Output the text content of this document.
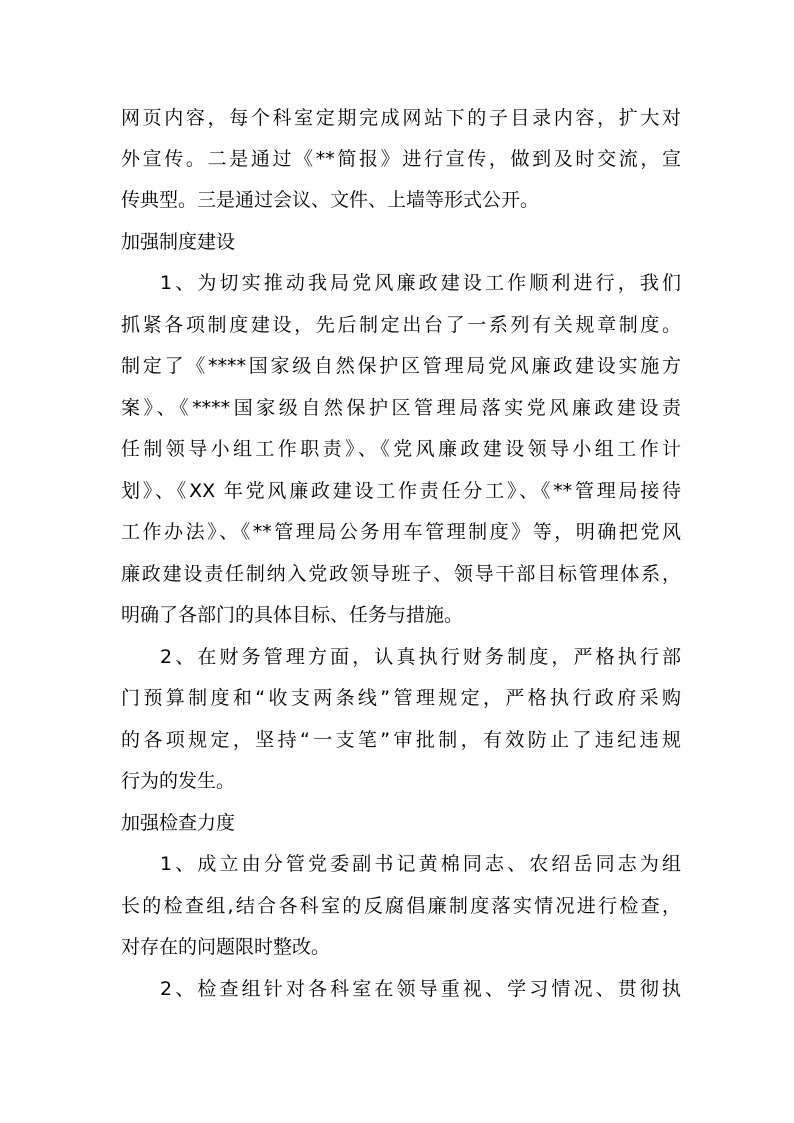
网页内容，每个科室定期完成网站下的子目录内容，扩大对
外宣传。二是通过《**简报》进行宣传，做到及时交流，宣
传典型。三是通过会议、文件、上墙等形式公开。
加强制度建设
1、为切实推动我局党风廉政建设工作顺利进行，我们
抓紧各项制度建设，先后制定出台了一系列有关规章制度。
制定了《****国家级自然保护区管理局党风廉政建设实施方
案》、《****国家级自然保护区管理局落实党风廉政建设责
任制领导小组工作职责》、《党风廉政建设领导小组工作计
划》、《XX 年党风廉政建设工作责任分工》、《**管理局接待
工作办法》、《**管理局公务用车管理制度》等，明确把党风
廉政建设责任制纳入党政领导班子、领导干部目标管理体系，
明确了各部门的具体目标、任务与措施。
2、在财务管理方面，认真执行财务制度，严格执行部
门预算制度和“收支两条线”管理规定，严格执行政府采购
的各项规定，坚持“一支笔”审批制，有效防止了违纪违规
行为的发生。
加强检查力度
1、成立由分管党委副书记黄棉同志、农绍岳同志为组
长的检查组,结合各科室的反腐倡廉制度落实情况进行检查，
对存在的问题限时整改。
2、检查组针对各科室在领导重视、学习情况、贯彻执
